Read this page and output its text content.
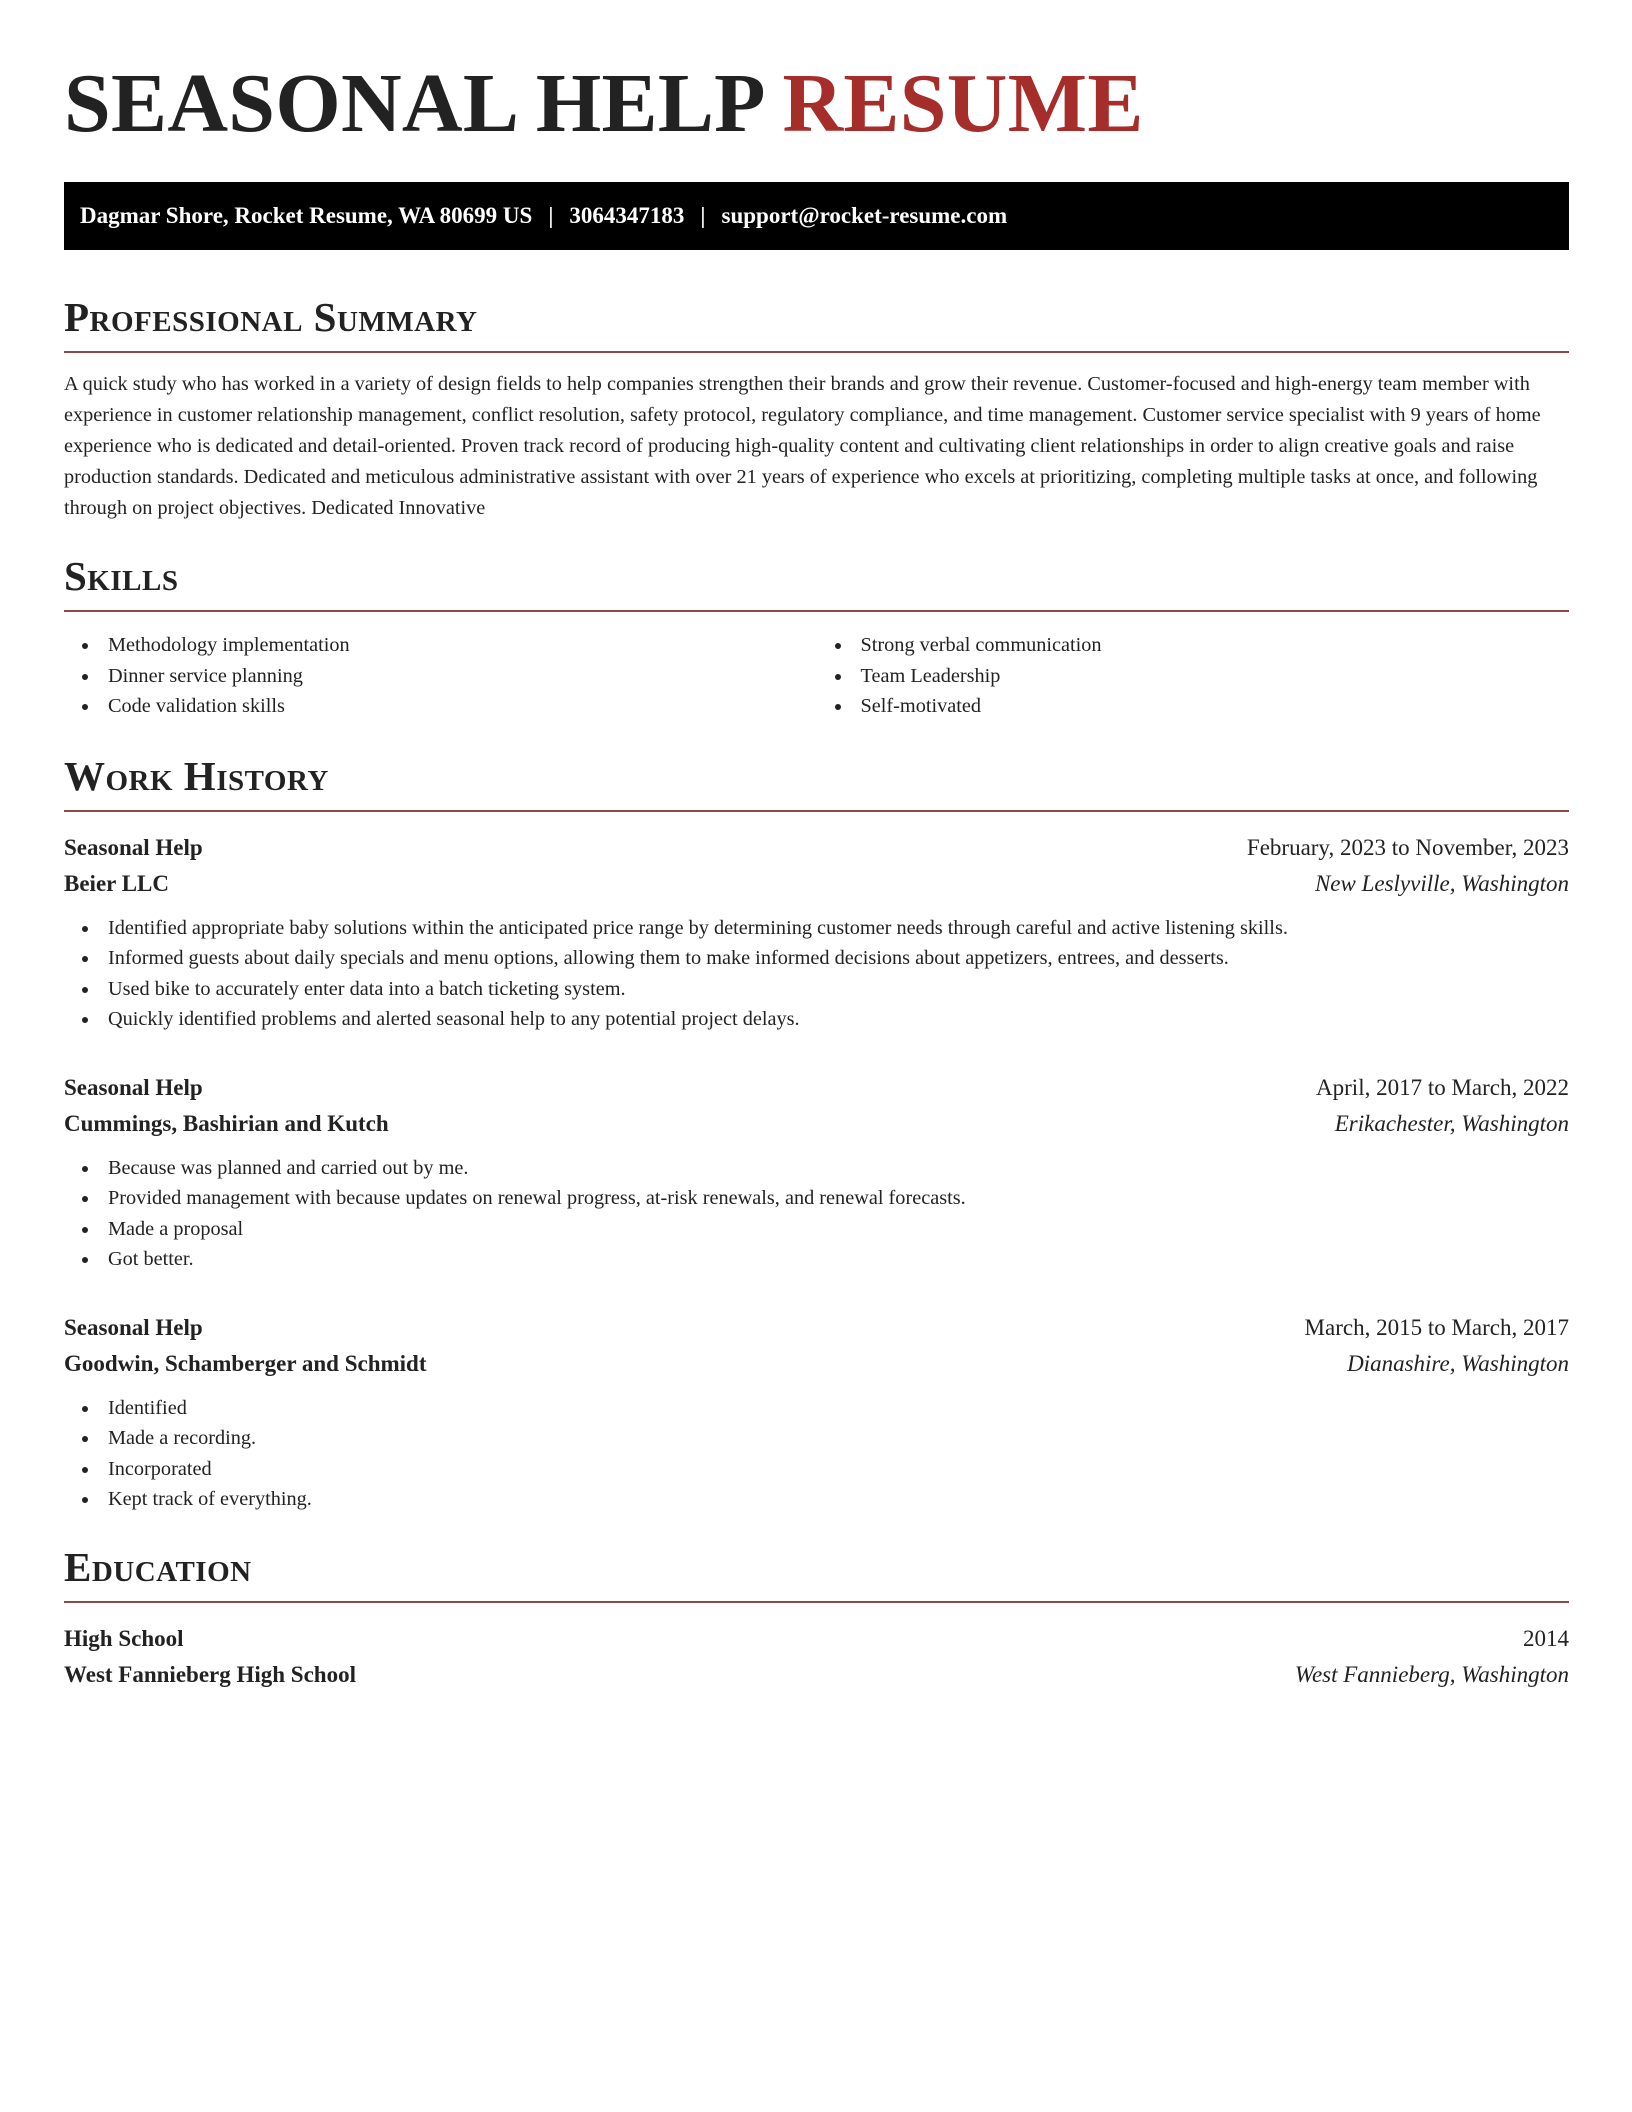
SEASONAL HELP RESUME
Dagmar Shore, Rocket Resume, WA 80699 US | 3064347183 | support@rocket-resume.com
Professional Summary

A quick study who has worked in a variety of design fields to help companies strengthen their brands and grow their revenue. Customer-focused and high-energy team member with experience in customer relationship management, conflict resolution, safety protocol, regulatory compliance, and time management. Customer service specialist with 9 years of home experience who is dedicated and detail-oriented. Proven track record of producing high-quality content and cultivating client relationships in order to align creative goals and raise production standards. Dedicated and meticulous administrative assistant with over 21 years of experience who excels at prioritizing, completing multiple tasks at once, and following through on project objectives. Dedicated Innovative

Skills
Methodology implementation
Dinner service planning
Code validation skills
Strong verbal communication
Team Leadership
Self-motivated
Work History
Seasonal Help	February, 2023 to November, 2023
Beier LLC	New Leslyville, Washington
Identified appropriate baby solutions within the anticipated price range by determining customer needs through careful and active listening skills.
Informed guests about daily specials and menu options, allowing them to make informed decisions about appetizers, entrees, and desserts.
Used bike to accurately enter data into a batch ticketing system.
Quickly identified problems and alerted seasonal help to any potential project delays.
Seasonal Help	April, 2017 to March, 2022
Cummings, Bashirian and Kutch	Erikachester, Washington
Because was planned and carried out by me.
Provided management with because updates on renewal progress, at-risk renewals, and renewal forecasts.
Made a proposal
Got better.
Seasonal Help	March, 2015 to March, 2017
Goodwin, Schamberger and Schmidt	Dianashire, Washington
Identified
Made a recording.
Incorporated
Kept track of everything.
Education
High School	2014
West Fannieberg High School	West Fannieberg, Washington
